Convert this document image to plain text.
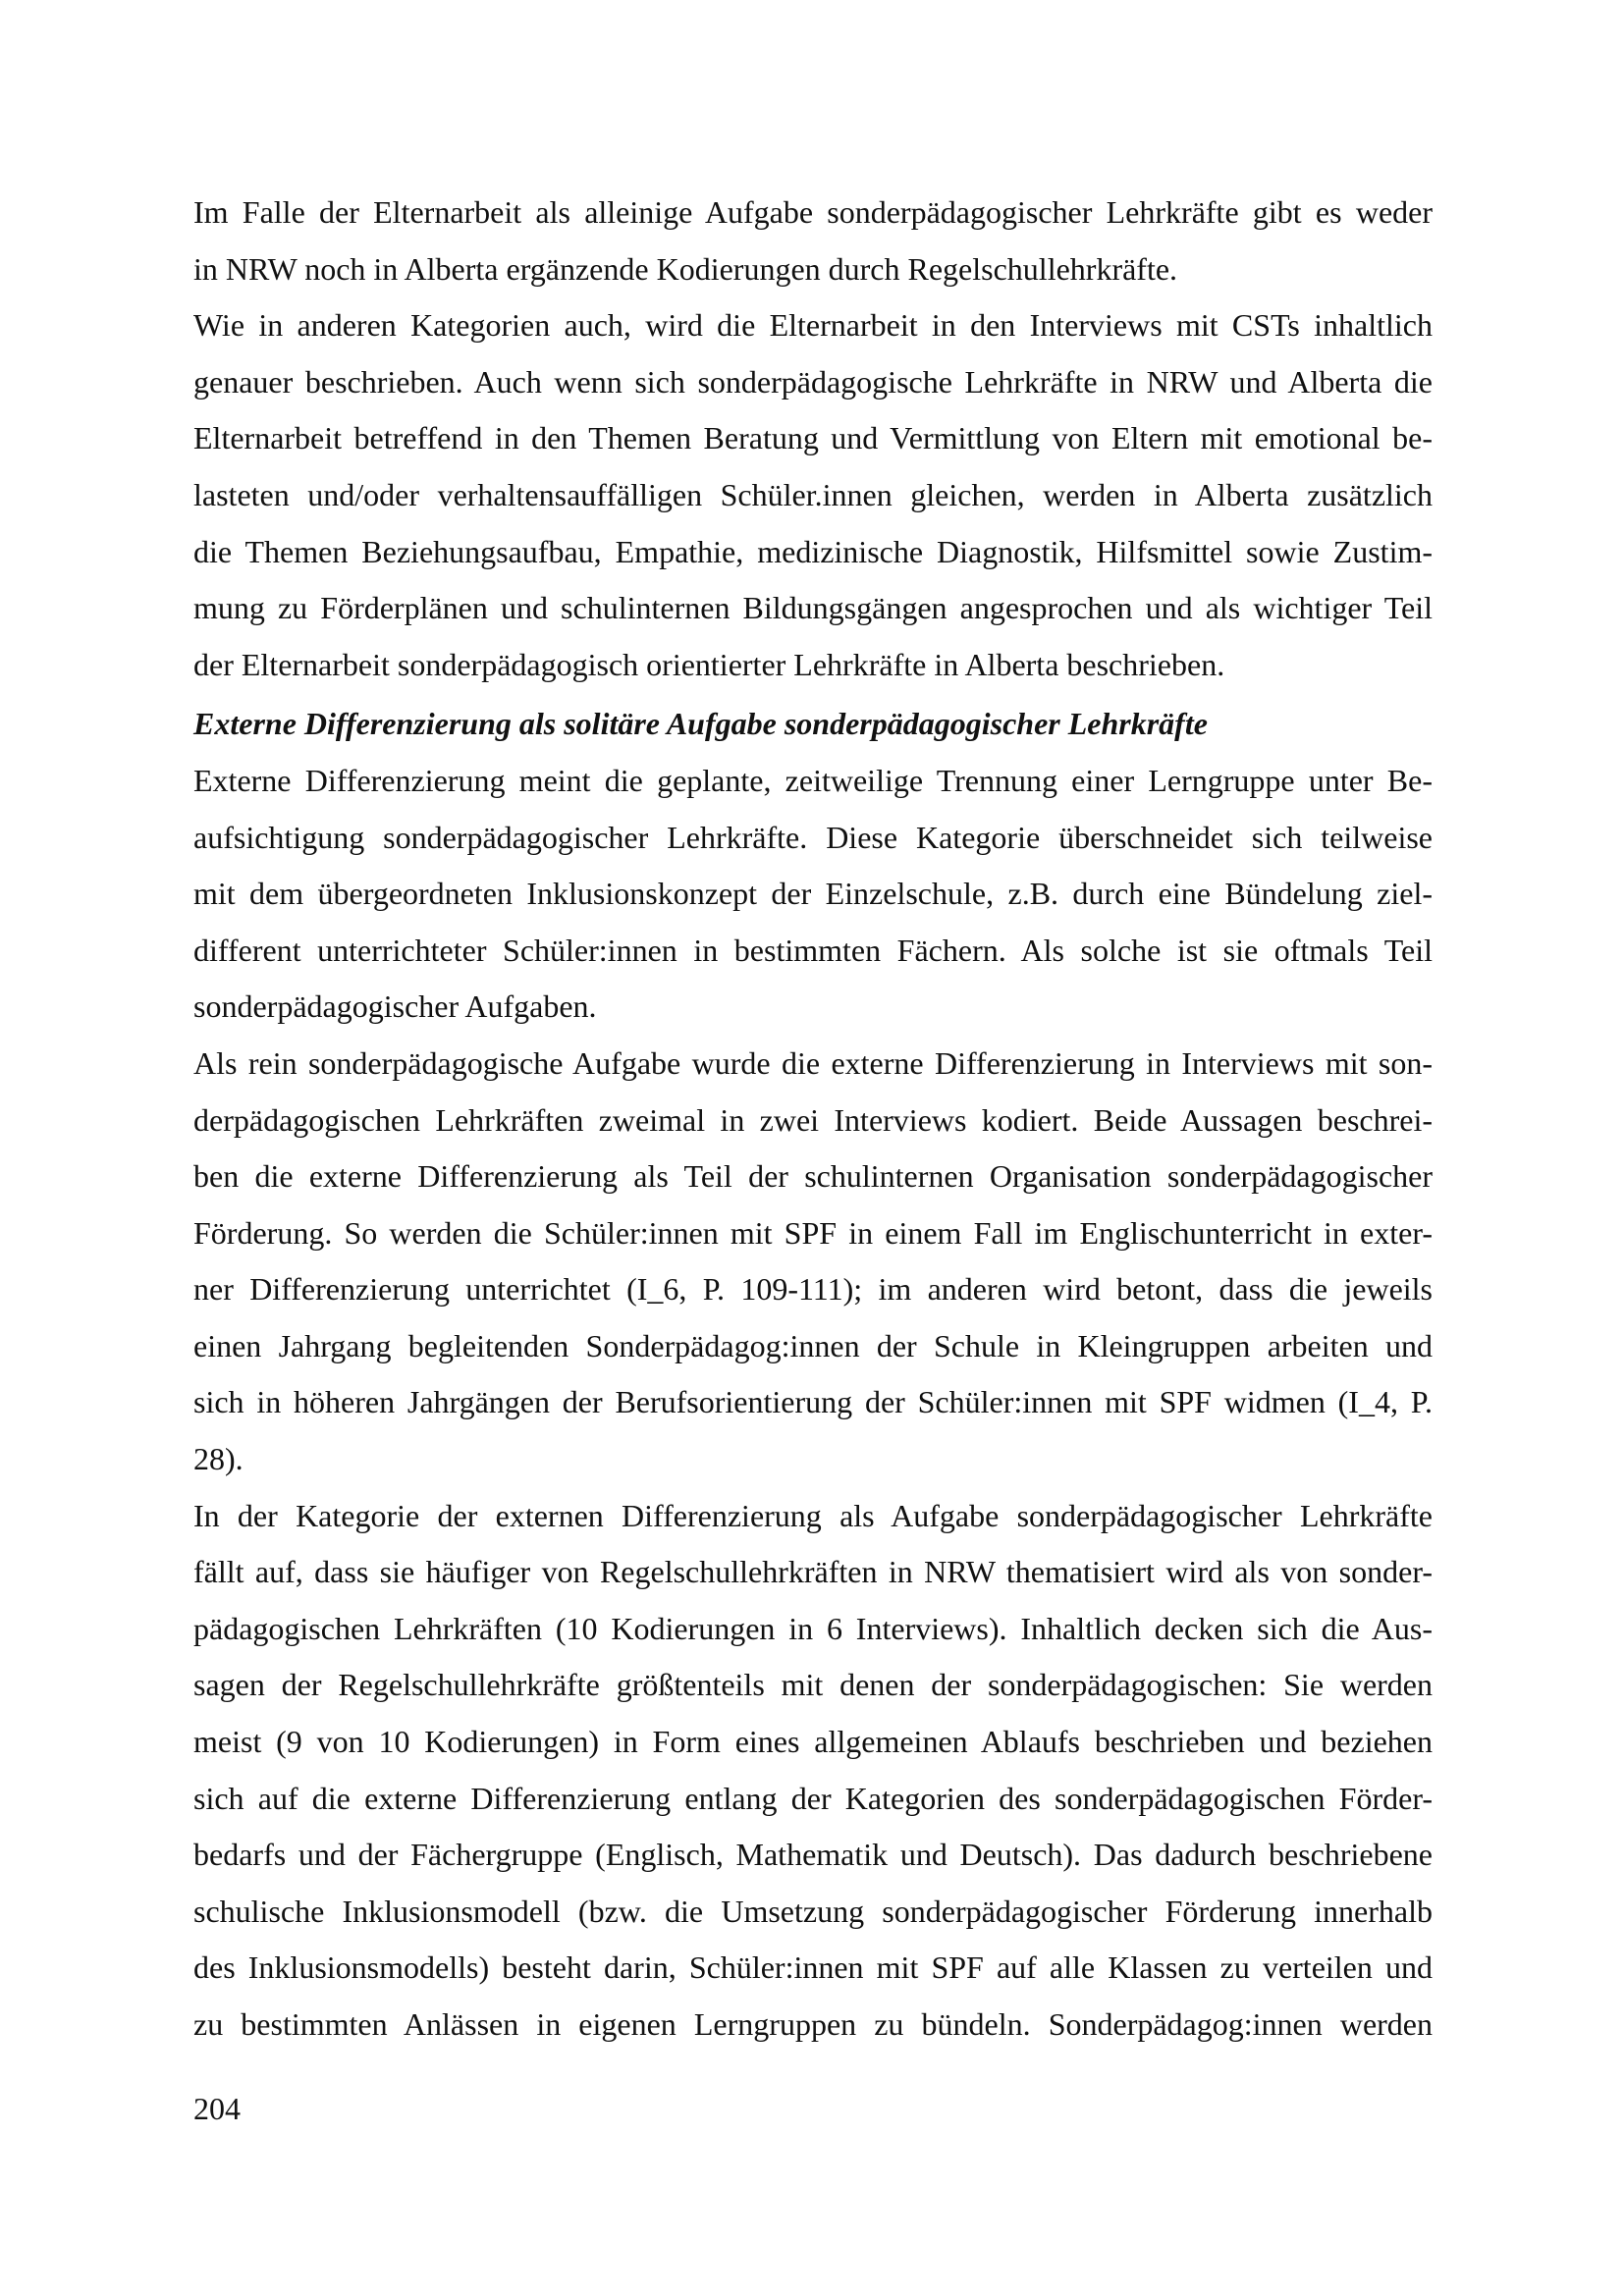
Im Falle der Elternarbeit als alleinige Aufgabe sonderpädagogischer Lehrkräfte gibt es weder
in NRW noch in Alberta ergänzende Kodierungen durch Regelschullehrkräfte.
Wie in anderen Kategorien auch, wird die Elternarbeit in den Interviews mit CSTs inhaltlich
genauer beschrieben. Auch wenn sich sonderpädagogische Lehrkräfte in NRW und Alberta die
Elternarbeit betreffend in den Themen Beratung und Vermittlung von Eltern mit emotional be-
lasteten und/oder verhaltensauffälligen Schüler.innen gleichen, werden in Alberta zusätzlich
die Themen Beziehungsaufbau, Empathie, medizinische Diagnostik, Hilfsmittel sowie Zustim-
mung zu Förderplänen und schulinternen Bildungsgängen angesprochen und als wichtiger Teil
der Elternarbeit sonderpädagogisch orientierter Lehrkräfte in Alberta beschrieben.
Externe Differenzierung als solitäre Aufgabe sonderpädagogischer Lehrkräfte
Externe Differenzierung meint die geplante, zeitweilige Trennung einer Lerngruppe unter Be-
aufsichtigung sonderpädagogischer Lehrkräfte. Diese Kategorie überschneidet sich teilweise
mit dem übergeordneten Inklusionskonzept der Einzelschule, z.B. durch eine Bündelung ziel-
different unterrichteter Schüler:innen in bestimmten Fächern. Als solche ist sie oftmals Teil
sonderpädagogischer Aufgaben.
Als rein sonderpädagogische Aufgabe wurde die externe Differenzierung in Interviews mit son-
derpädagogischen Lehrkräften zweimal in zwei Interviews kodiert. Beide Aussagen beschrei-
ben die externe Differenzierung als Teil der schulinternen Organisation sonderpädagogischer
Förderung. So werden die Schüler:innen mit SPF in einem Fall im Englischunterricht in exter-
ner Differenzierung unterrichtet (I_6, P. 109-111); im anderen wird betont, dass die jeweils
einen Jahrgang begleitenden Sonderpädagog:innen der Schule in Kleingruppen arbeiten und
sich in höheren Jahrgängen der Berufsorientierung der Schüler:innen mit SPF widmen (I_4, P.
28).
In der Kategorie der externen Differenzierung als Aufgabe sonderpädagogischer Lehrkräfte
fällt auf, dass sie häufiger von Regelschullehrkräften in NRW thematisiert wird als von sonder-
pädagogischen Lehrkräften (10 Kodierungen in 6 Interviews). Inhaltlich decken sich die Aus-
sagen der Regelschullehrkräfte größtenteils mit denen der sonderpädagogischen: Sie werden
meist (9 von 10 Kodierungen) in Form eines allgemeinen Ablaufs beschrieben und beziehen
sich auf die externe Differenzierung entlang der Kategorien des sonderpädagogischen Förder-
bedarfs und der Fächergruppe (Englisch, Mathematik und Deutsch). Das dadurch beschriebene
schulische Inklusionsmodell (bzw. die Umsetzung sonderpädagogischer Förderung innerhalb
des Inklusionsmodells) besteht darin, Schüler:innen mit SPF auf alle Klassen zu verteilen und
zu bestimmten Anlässen in eigenen Lerngruppen zu bündeln. Sonderpädagog:innen werden
204
